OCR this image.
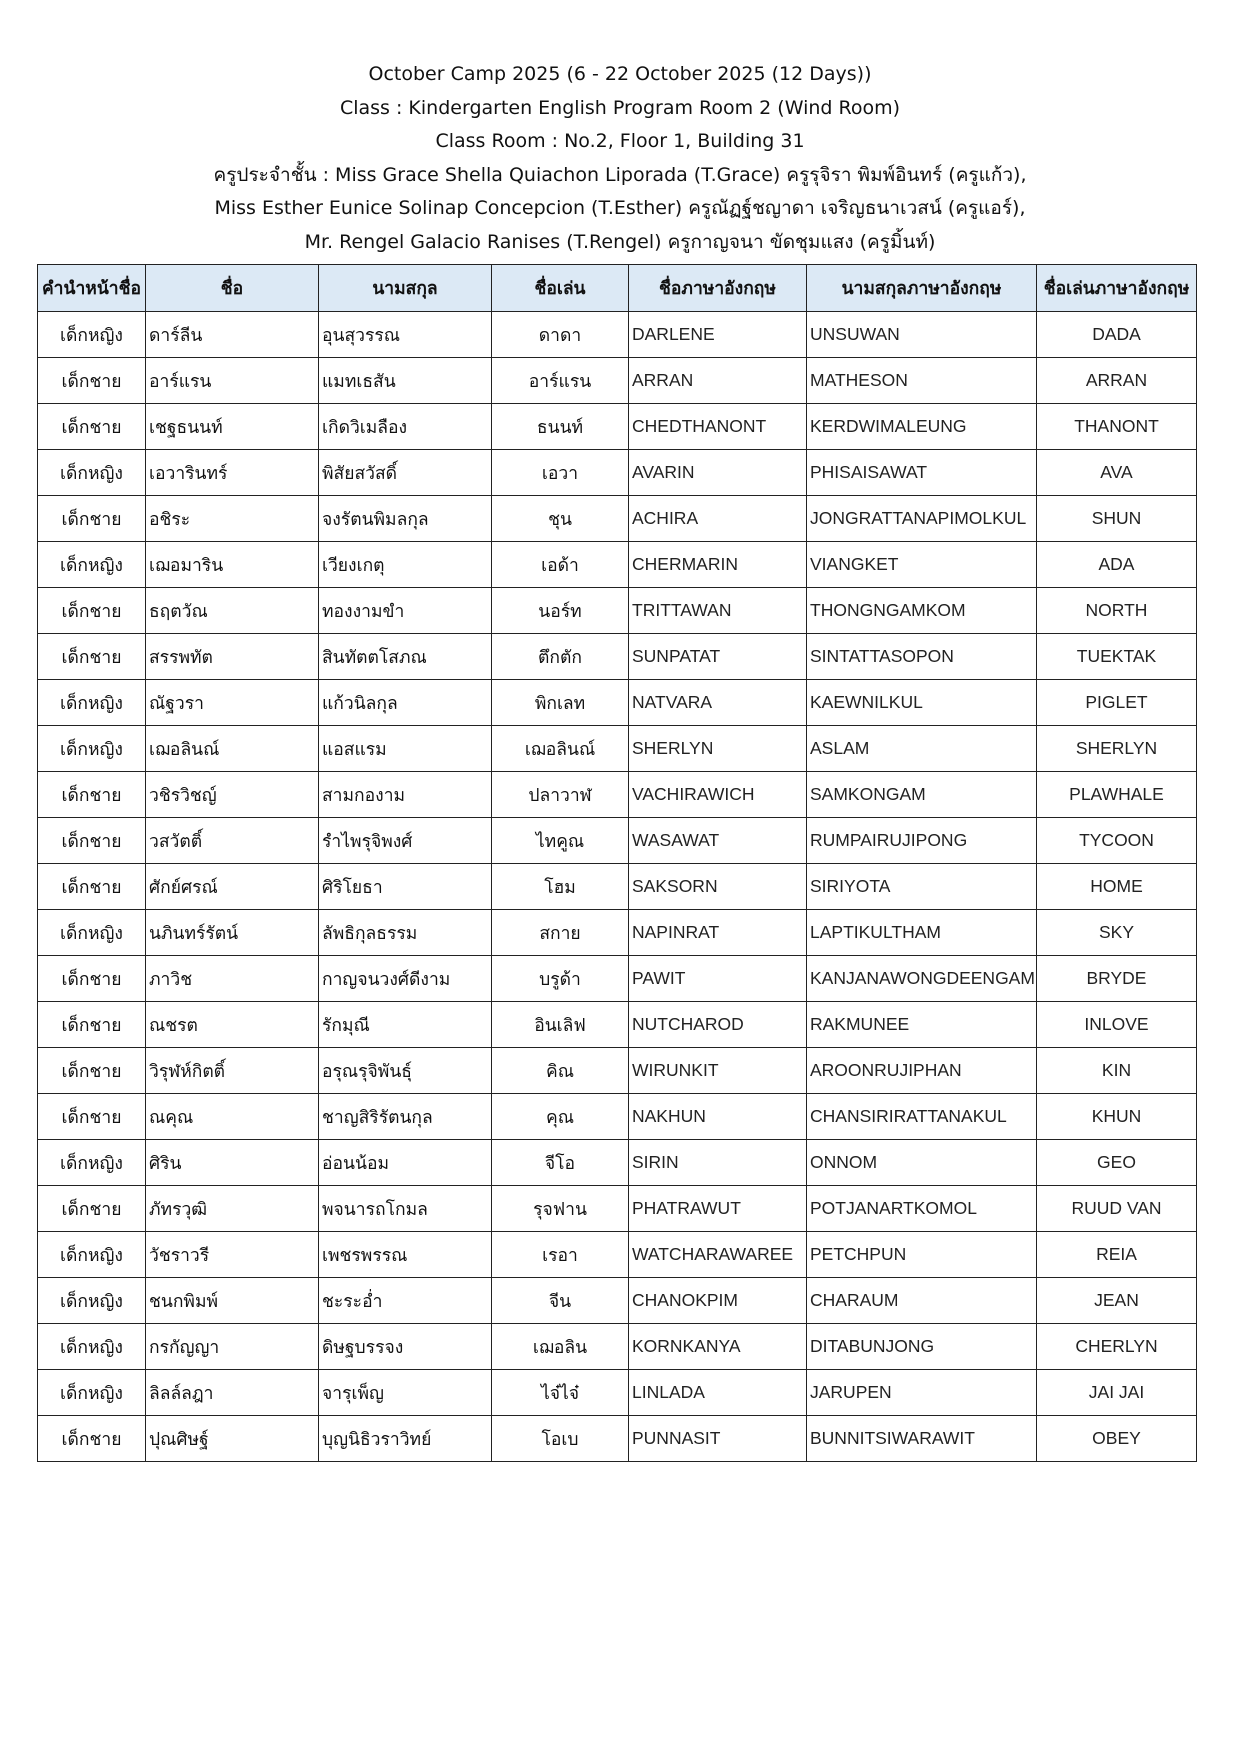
October Camp 2025 (6 - 22 October 2025 (12 Days))
Class : Kindergarten English Program Room 2 (Wind Room)
Class Room : No.2, Floor 1, Building 31
ครูประจำชั้น : Miss Grace Shella Quiachon Liporada (T.Grace) ครูรุจิรา พิมพ์อินทร์ (ครูแก้ว),
Miss Esther Eunice Solinap Concepcion (T.Esther) ครูณัฏฐ์ชญาดา เจริญธนาเวสน์ (ครูแอร์),
Mr. Rengel Galacio Ranises (T.Rengel) ครูกาญจนา ขัดชุมแสง (ครูมิ้นท์)
คำนำหน้าชื่อ	ชื่อ	นามสกุล	ชื่อเล่น	ชื่อภาษาอังกฤษ	นามสกุลภาษาอังกฤษ	ชื่อเล่นภาษาอังกฤษ
เด็กหญิง	ดาร์ลีน	อุนสุวรรณ	ดาดา	DARLENE	UNSUWAN	DADA
เด็กชาย	อาร์แรน	แมทเธสัน	อาร์แรน	ARRAN	MATHESON	ARRAN
เด็กชาย	เชฐธนนท์	เกิดวิเมลือง	ธนนท์	CHEDTHANONT	KERDWIMALEUNG	THANONT
เด็กหญิง	เอวารินทร์	พิสัยสวัสดิ์	เอวา	AVARIN	PHISAISAWAT	AVA
เด็กชาย	อชิระ	จงรัตนพิมลกุล	ชุน	ACHIRA	JONGRATTANAPIMOLKUL	SHUN
เด็กหญิง	เฌอมาริน	เวียงเกตุ	เอด้า	CHERMARIN	VIANGKET	ADA
เด็กชาย	ธฤตวัณ	ทองงามขำ	นอร์ท	TRITTAWAN	THONGNGAMKOM	NORTH
เด็กชาย	สรรพทัต	สินทัตตโสภณ	ตึกตัก	SUNPATAT	SINTATTASOPON	TUEKTAK
เด็กหญิง	ณัฐวรา	แก้วนิลกุล	พิกเลท	NATVARA	KAEWNILKUL	PIGLET
เด็กหญิง	เฌอลินณ์	แอสแรม	เฌอลินณ์	SHERLYN	ASLAM	SHERLYN
เด็กชาย	วชิรวิชญ์	สามกองาม	ปลาวาฬ	VACHIRAWICH	SAMKONGAM	PLAWHALE
เด็กชาย	วสวัตติ์	รำไพรุจิพงศ์	ไทคูณ	WASAWAT	RUMPAIRUJIPONG	TYCOON
เด็กชาย	ศักย์ศรณ์	ศิริโยธา	โฮม	SAKSORN	SIRIYOTA	HOME
เด็กหญิง	นภินทร์รัตน์	ลัพธิกุลธรรม	สกาย	NAPINRAT	LAPTIKULTHAM	SKY
เด็กชาย	ภาวิช	กาญจนวงศ์ดีงาม	บรูด้า	PAWIT	KANJANAWONGDEENGAM	BRYDE
เด็กชาย	ณชรต	รักมุณี	อินเลิฟ	NUTCHAROD	RAKMUNEE	INLOVE
เด็กชาย	วิรุฬห์กิตติ์	อรุณรุจิพันธุ์	คิณ	WIRUNKIT	AROONRUJIPHAN	KIN
เด็กชาย	ณคุณ	ชาญสิริรัตนกุล	คุณ	NAKHUN	CHANSIRIRATTANAKUL	KHUN
เด็กหญิง	ศิริน	อ่อนน้อม	จีโอ	SIRIN	ONNOM	GEO
เด็กชาย	ภัทรวุฒิ	พจนารถโกมล	รุจฟาน	PHATRAWUT	POTJANARTKOMOL	RUUD VAN
เด็กหญิง	วัชราวรี	เพชรพรรณ	เรอา	WATCHARAWAREE	PETCHPUN	REIA
เด็กหญิง	ชนกพิมพ์	ชะระอ่ำ	จีน	CHANOKPIM	CHARAUM	JEAN
เด็กหญิง	กรกัญญา	ดิษฐบรรจง	เฌอลิน	KORNKANYA	DITABUNJONG	CHERLYN
เด็กหญิง	ลิลล์ลฎา	จารุเพ็ญ	ไจ๋ไจ๋	LINLADA	JARUPEN	JAI JAI
เด็กชาย	ปุณศิษฐ์	บุญนิธิวราวิทย์	โอเบ	PUNNASIT	BUNNITSIWARAWIT	OBEY
